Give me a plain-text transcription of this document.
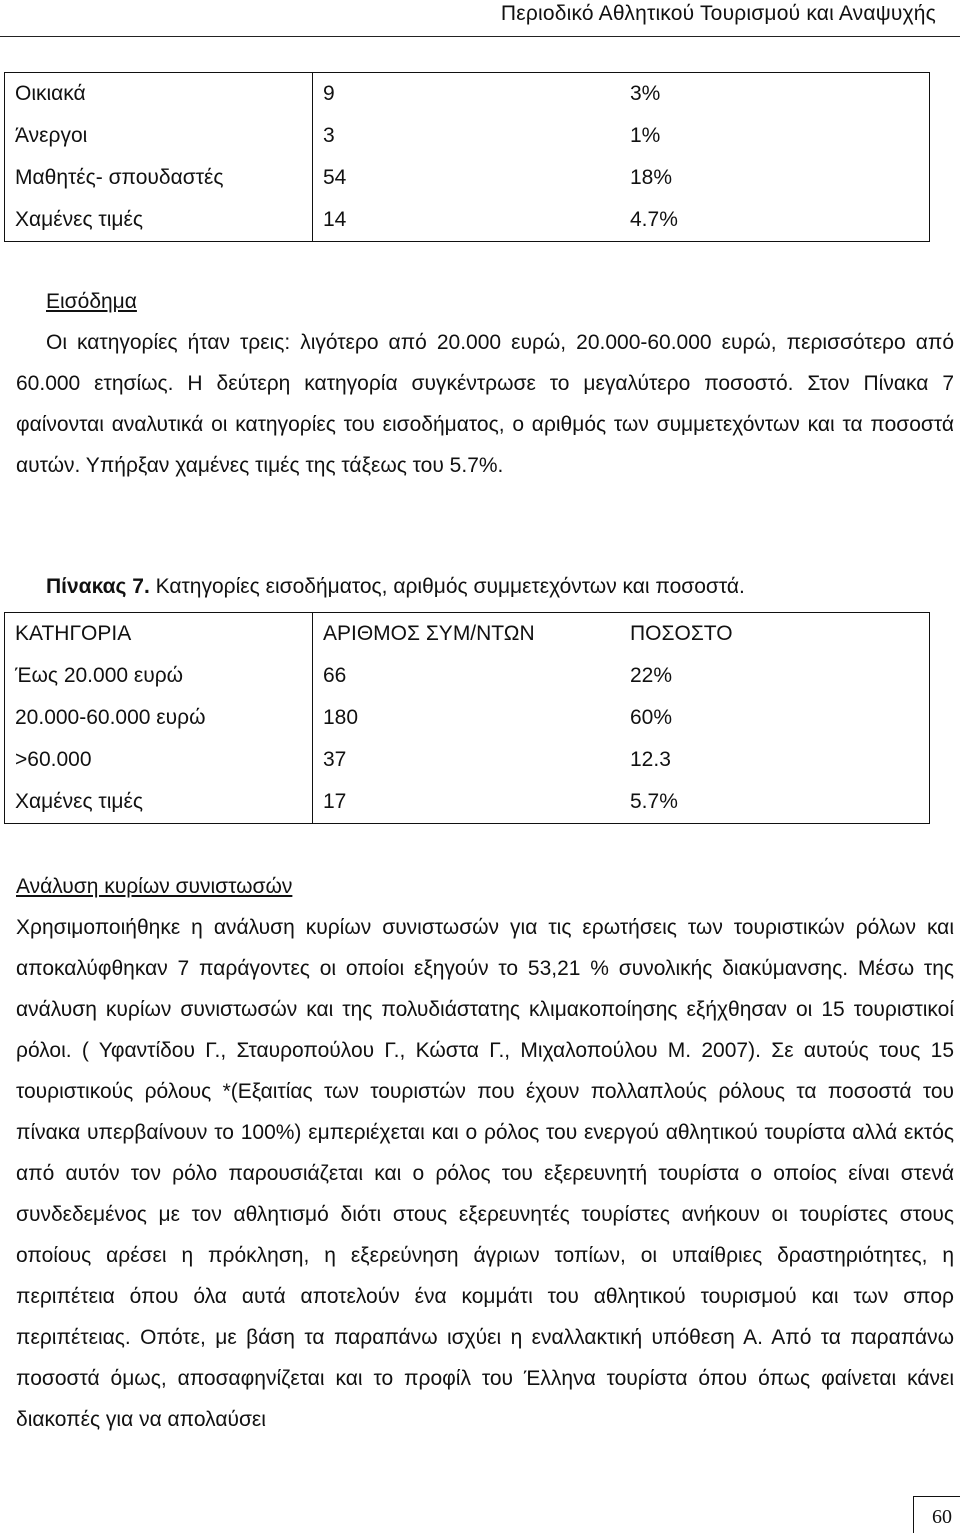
Περιοδικό Αθλητικού Τουρισμού και Αναψυχής
Οικιακά	9	3%
Άνεργοι	3	1%
Μαθητές- σπουδαστές	54	18%
Χαμένες τιμές	14	4.7%
Εισόδημα
Οι κατηγορίες ήταν τρεις: λιγότερο από 20.000 ευρώ, 20.000-60.000 ευρώ, περισσότερο από 60.000 ετησίως. Η δεύτερη κατηγορία συγκέντρωσε το μεγαλύτερο ποσοστό. Στον Πίνακα 7 φαίνονται αναλυτικά οι κατηγορίες του εισοδήματος, ο αριθμός των συμμετεχόντων και τα ποσοστά αυτών. Υπήρξαν χαμένες τιμές της τάξεως του 5.7%.
Πίνακας 7. Κατηγορίες εισοδήματος, αριθμός συμμετεχόντων και ποσοστά.
ΚΑΤΗΓΟΡΙΑ	ΑΡΙΘΜΟΣ ΣΥΜ/ΝΤΩΝ	ΠΟΣΟΣΤΟ
Έως 20.000 ευρώ	66	22%
20.000-60.000 ευρώ	180	60%
>60.000	37	12.3
Χαμένες τιμές	17	5.7%
Ανάλυση κυρίων συνιστωσών
Χρησιμοποιήθηκε η ανάλυση κυρίων συνιστωσών για τις ερωτήσεις των τουριστικών ρόλων και αποκαλύφθηκαν 7 παράγοντες οι οποίοι εξηγούν το 53,21 % συνολικής διακύμανσης. Μέσω της ανάλυση κυρίων συνιστωσών και της πολυδιάστατης κλιμακοποίησης εξήχθησαν οι 15 τουριστικοί ρόλοι. ( Υφαντίδου Γ., Σταυροπούλου Γ., Κώστα Γ., Μιχαλοπούλου Μ. 2007). Σε αυτούς τους 15 τουριστικούς ρόλους *(Εξαιτίας των τουριστών που έχουν πολλαπλούς ρόλους τα ποσοστά του πίνακα υπερβαίνουν το 100%) εμπεριέχεται και ο ρόλος του ενεργού αθλητικού τουρίστα αλλά εκτός από αυτόν τον ρόλο παρουσιάζεται και ο ρόλος του εξερευνητή τουρίστα ο οποίος είναι στενά συνδεδεμένος με τον αθλητισμό διότι στους εξερευνητές τουρίστες ανήκουν οι τουρίστες στους οποίους αρέσει η πρόκληση, η εξερεύνηση άγριων τοπίων, οι υπαίθριες δραστηριότητες, η περιπέτεια όπου όλα αυτά αποτελούν ένα κομμάτι του αθλητικού τουρισμού και των σπορ περιπέτειας. Οπότε, με βάση τα παραπάνω ισχύει η εναλλακτική υπόθεση Α. Από τα παραπάνω ποσοστά όμως, αποσαφηνίζεται και το προφίλ του Έλληνα τουρίστα όπου όπως φαίνεται κάνει διακοπές για να απολαύσει
60
